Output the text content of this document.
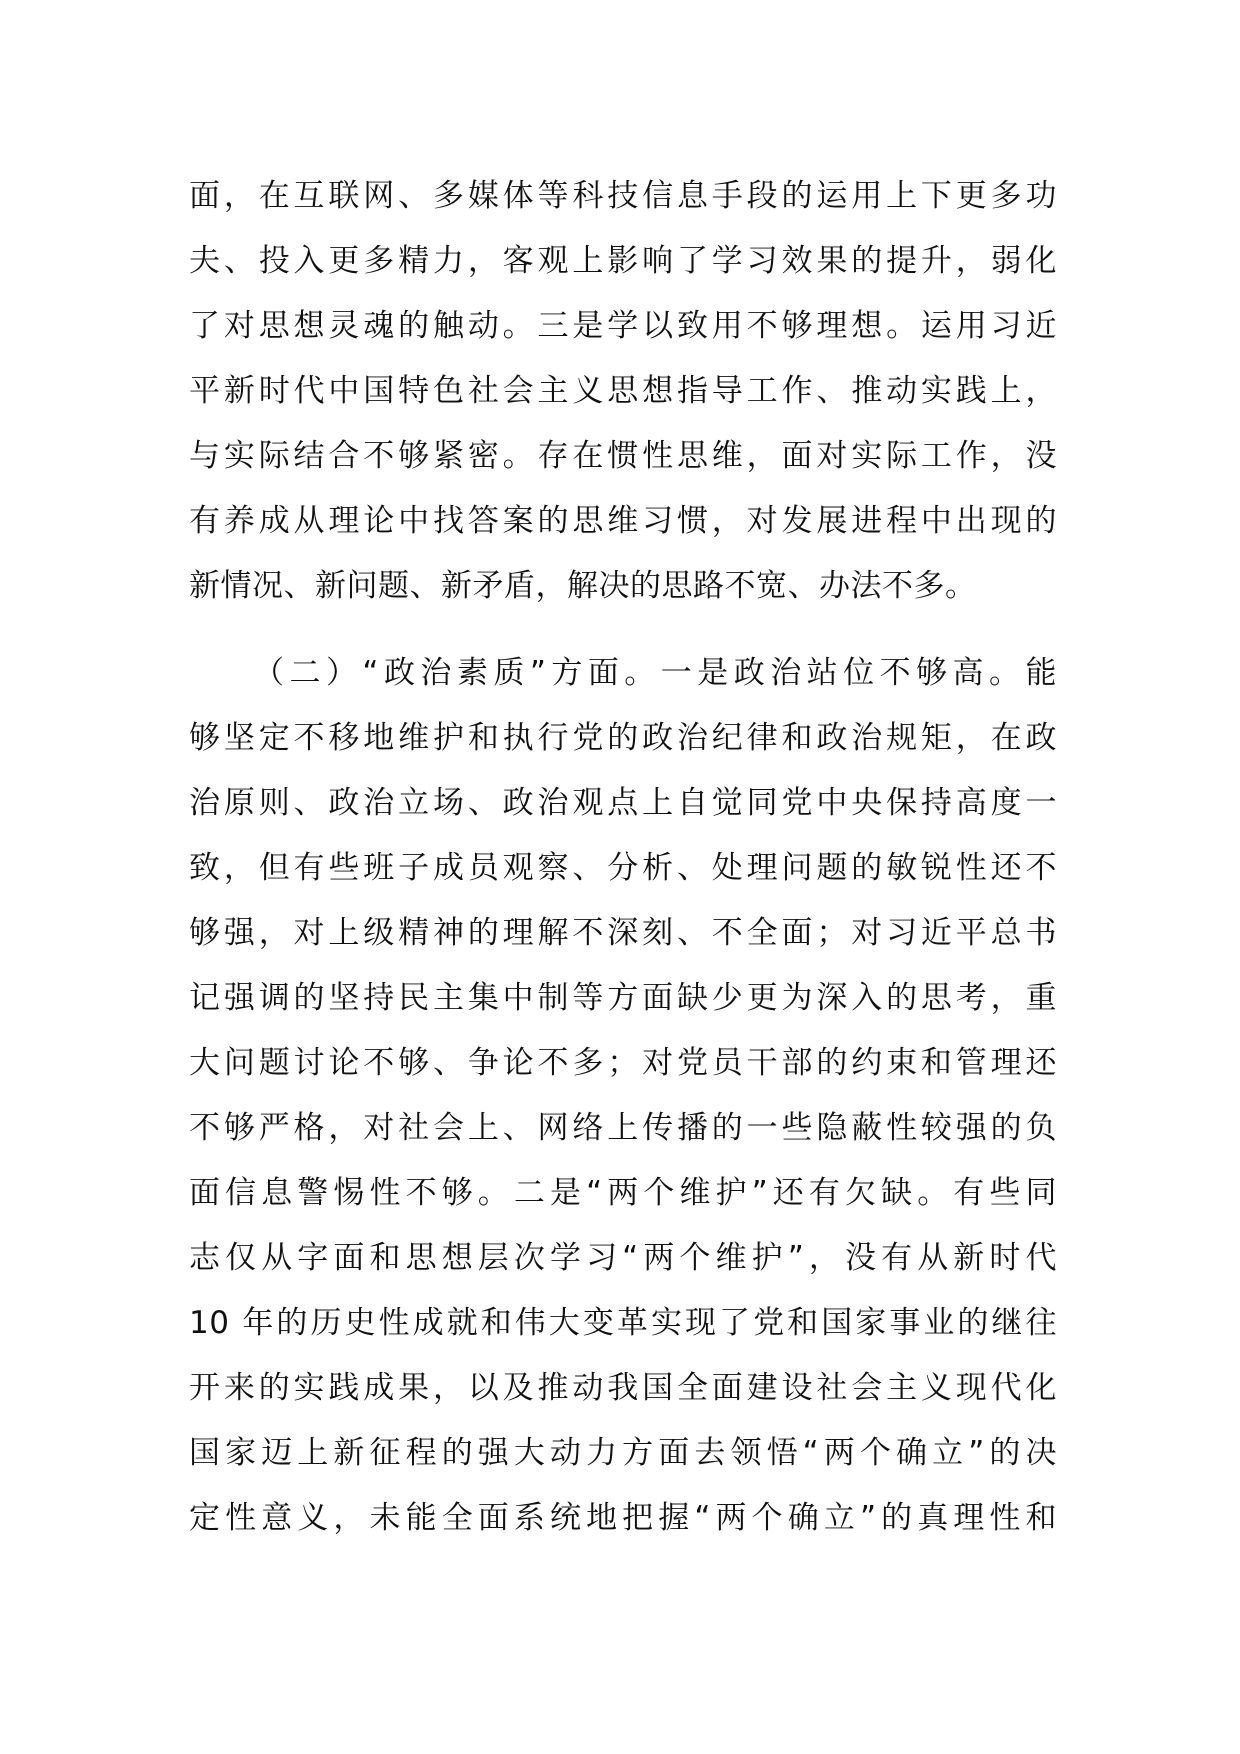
面，在互联网、多媒体等科技信息手段的运用上下更多功
夫、投入更多精力，客观上影响了学习效果的提升，弱化
了对思想灵魂的触动。三是学以致用不够理想。运用习近
平新时代中国特色社会主义思想指导工作、推动实践上，
与实际结合不够紧密。存在惯性思维，面对实际工作，没
有养成从理论中找答案的思维习惯，对发展进程中出现的
新情况、新问题、新矛盾，解决的思路不宽、办法不多。
（二）“政治素质”方面。一是政治站位不够高。能
够坚定不移地维护和执行党的政治纪律和政治规矩，在政
治原则、政治立场、政治观点上自觉同党中央保持高度一
致，但有些班子成员观察、分析、处理问题的敏锐性还不
够强，对上级精神的理解不深刻、不全面；对习近平总书
记强调的坚持民主集中制等方面缺少更为深入的思考，重
大问题讨论不够、争论不多；对党员干部的约束和管理还
不够严格，对社会上、网络上传播的一些隐蔽性较强的负
面信息警惕性不够。二是“两个维护”还有欠缺。有些同
志仅从字面和思想层次学习“两个维护”，没有从新时代
10 年的历史性成就和伟大变革实现了党和国家事业的继往
开来的实践成果，以及推动我国全面建设社会主义现代化
国家迈上新征程的强大动力方面去领悟“两个确立”的决
定性意义，未能全面系统地把握“两个确立”的真理性和
